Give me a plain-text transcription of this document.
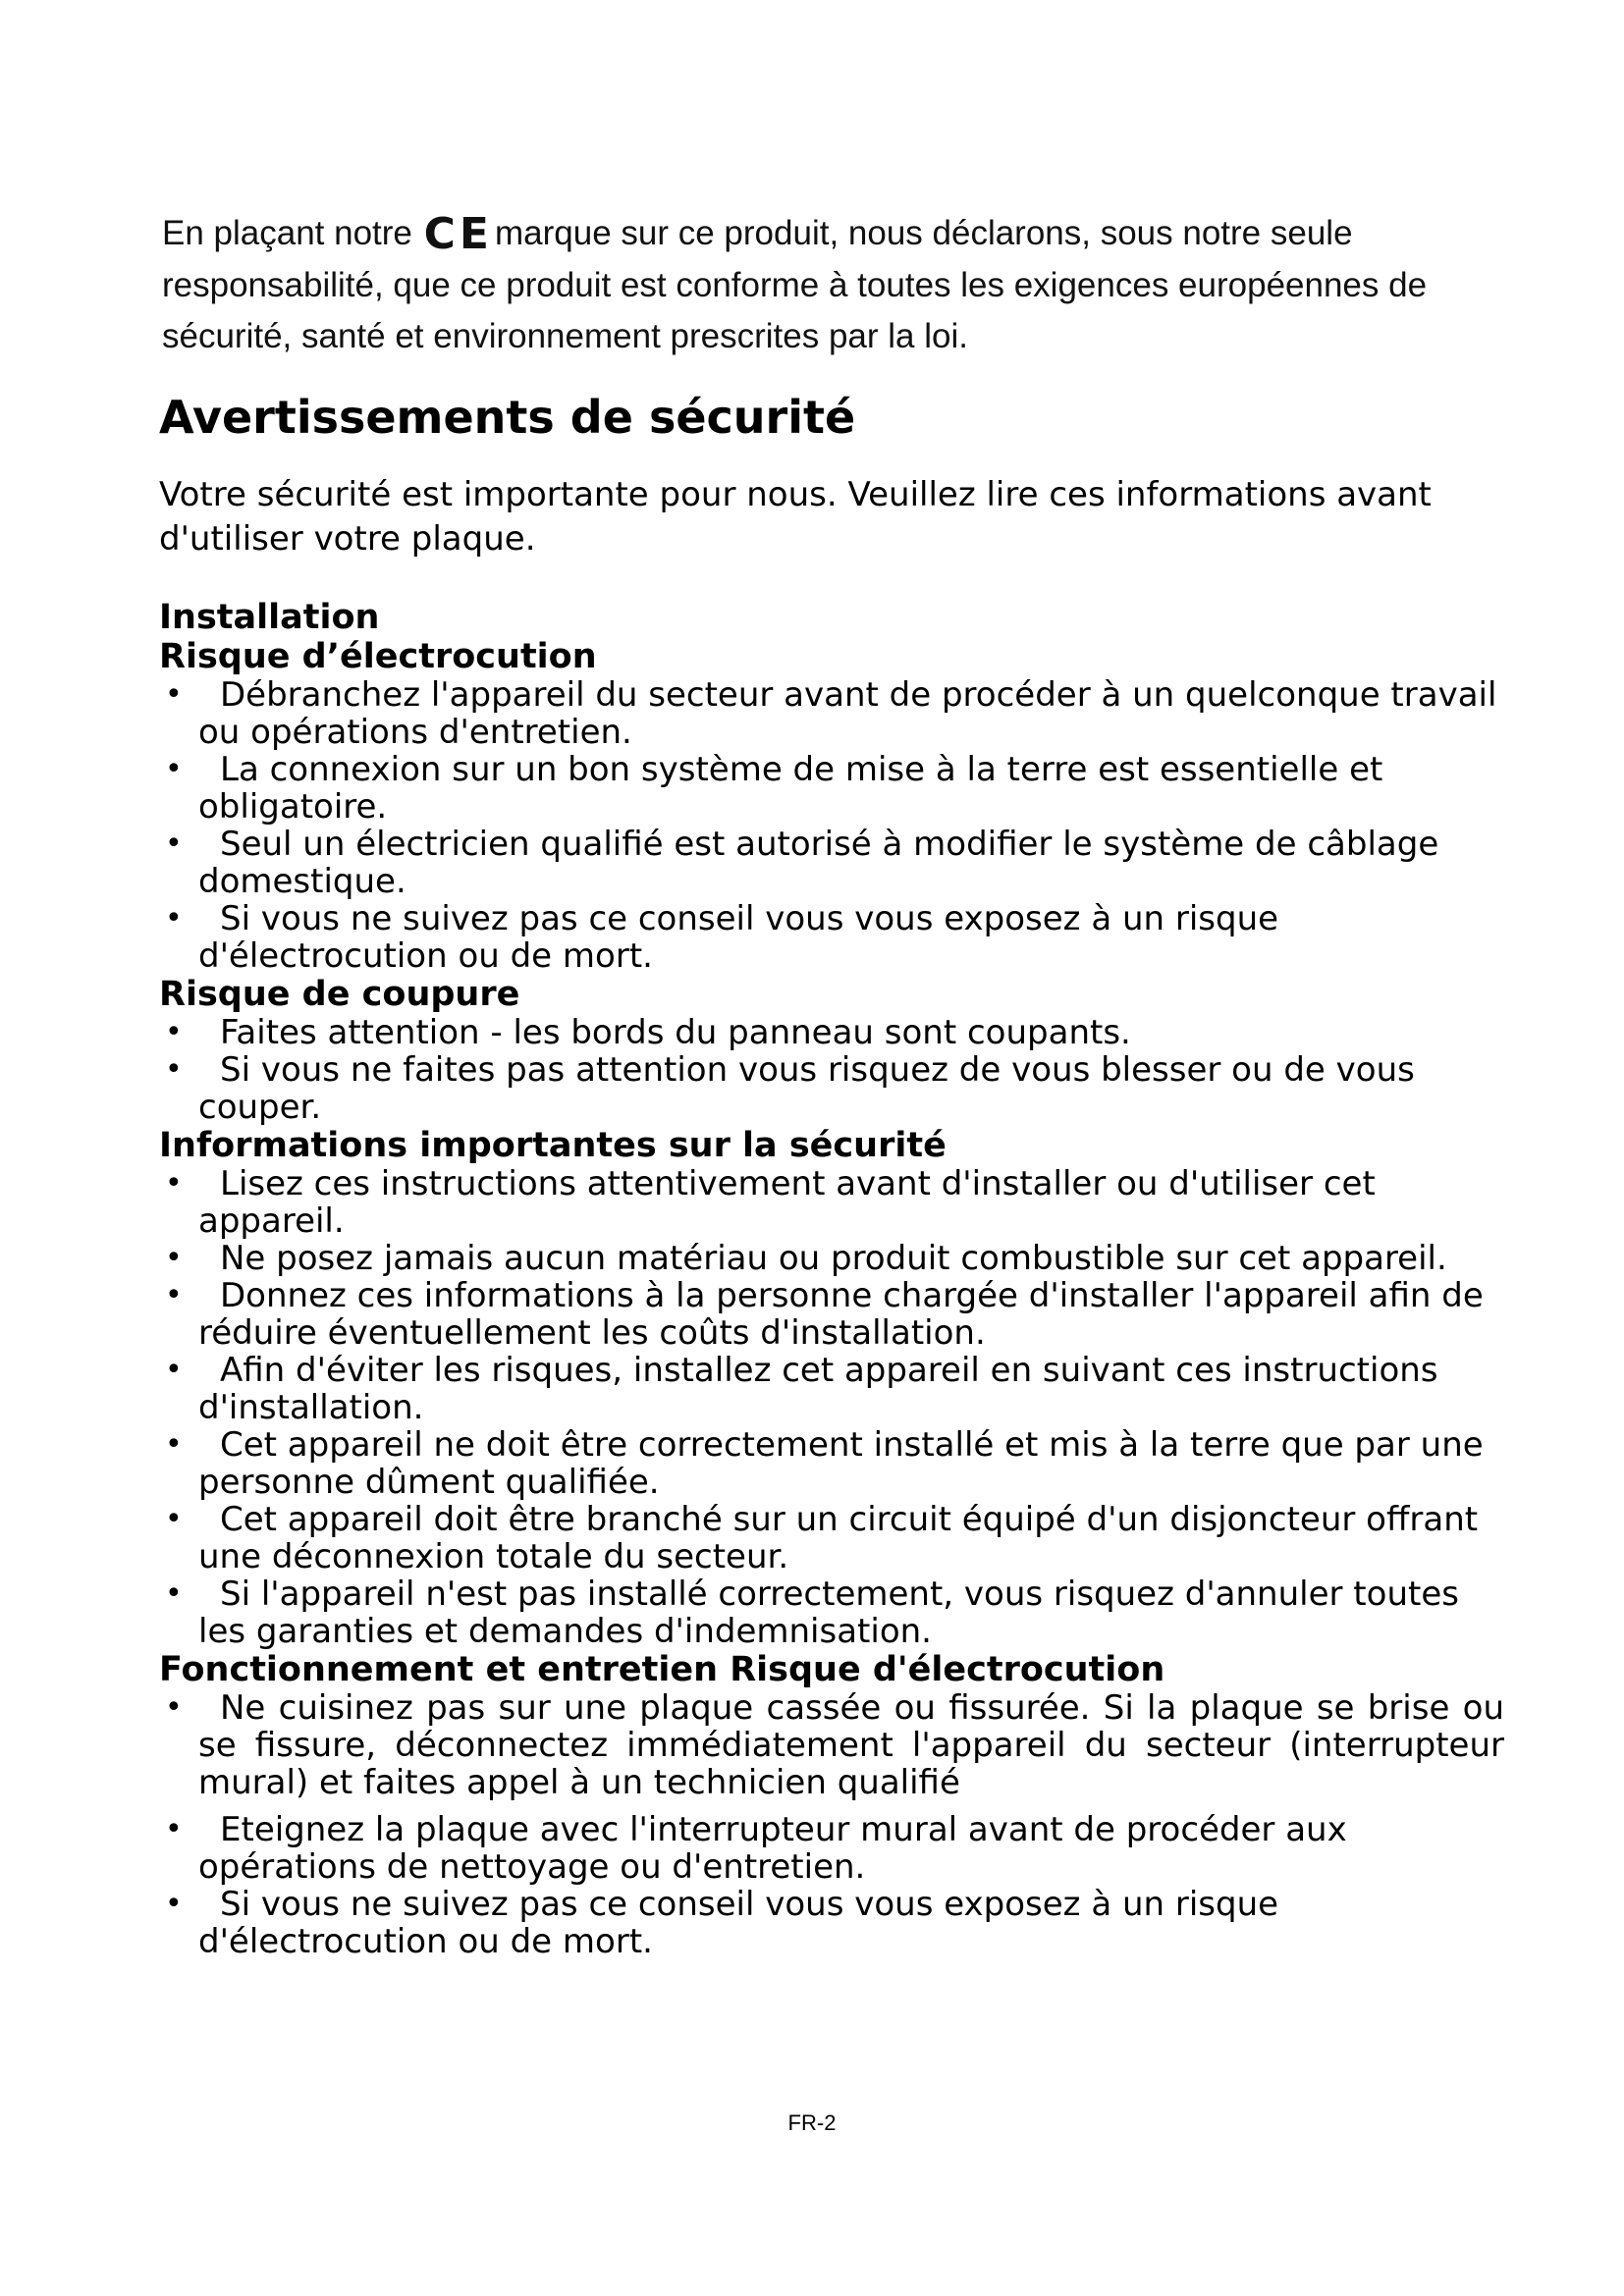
En plaçant notre CEmarque sur ce produit, nous déclarons, sous notre seule responsabilité, que ce produit est conforme à toutes les exigences européennes de sécurité, santé et environnement prescrites par la loi.
Avertissements de sécurité
Votre sécurité est importante pour nous. Veuillez lire ces informations avant d'utiliser votre plaque.
Installation
Risque d’électrocution
•	Débranchez l'appareil du secteur avant de procéder à un quelconque travail ou opérations d'entretien.
•	La connexion sur un bon système de mise à la terre est essentielle et obligatoire.
•	Seul un électricien qualifié est autorisé à modifier le système de câblage domestique.
•	Si vous ne suivez pas ce conseil vous vous exposez à un risque d'électrocution ou de mort.
Risque de coupure
•	Faites attention - les bords du panneau sont coupants.
•	Si vous ne faites pas attention vous risquez de vous blesser ou de vous couper.
Informations importantes sur la sécurité
•	Lisez ces instructions attentivement avant d'installer ou d'utiliser cet appareil.
•	Ne posez jamais aucun matériau ou produit combustible sur cet appareil.
•	Donnez ces informations à la personne chargée d'installer l'appareil afin de réduire éventuellement les coûts d'installation.
•	Afin d'éviter les risques, installez cet appareil en suivant ces instructions d'installation.
•	Cet appareil ne doit être correctement installé et mis à la terre que par une personne dûment qualifiée.
•	Cet appareil doit être branché sur un circuit équipé d'un disjoncteur offrant une déconnexion totale du secteur.
•	Si l'appareil n'est pas installé correctement, vous risquez d'annuler toutes les garanties et demandes d'indemnisation.
Fonctionnement et entretien Risque d'électrocution
•	Ne cuisinez pas sur une plaque cassée ou fissurée. Si la plaque se brise ou se fissure, déconnectez immédiatement l'appareil du secteur (interrupteur mural) et faites appel à un technicien qualifié
•	Eteignez la plaque avec l'interrupteur mural avant de procéder aux opérations de nettoyage ou d'entretien.
•	Si vous ne suivez pas ce conseil vous vous exposez à un risque d'électrocution ou de mort.
FR-2
